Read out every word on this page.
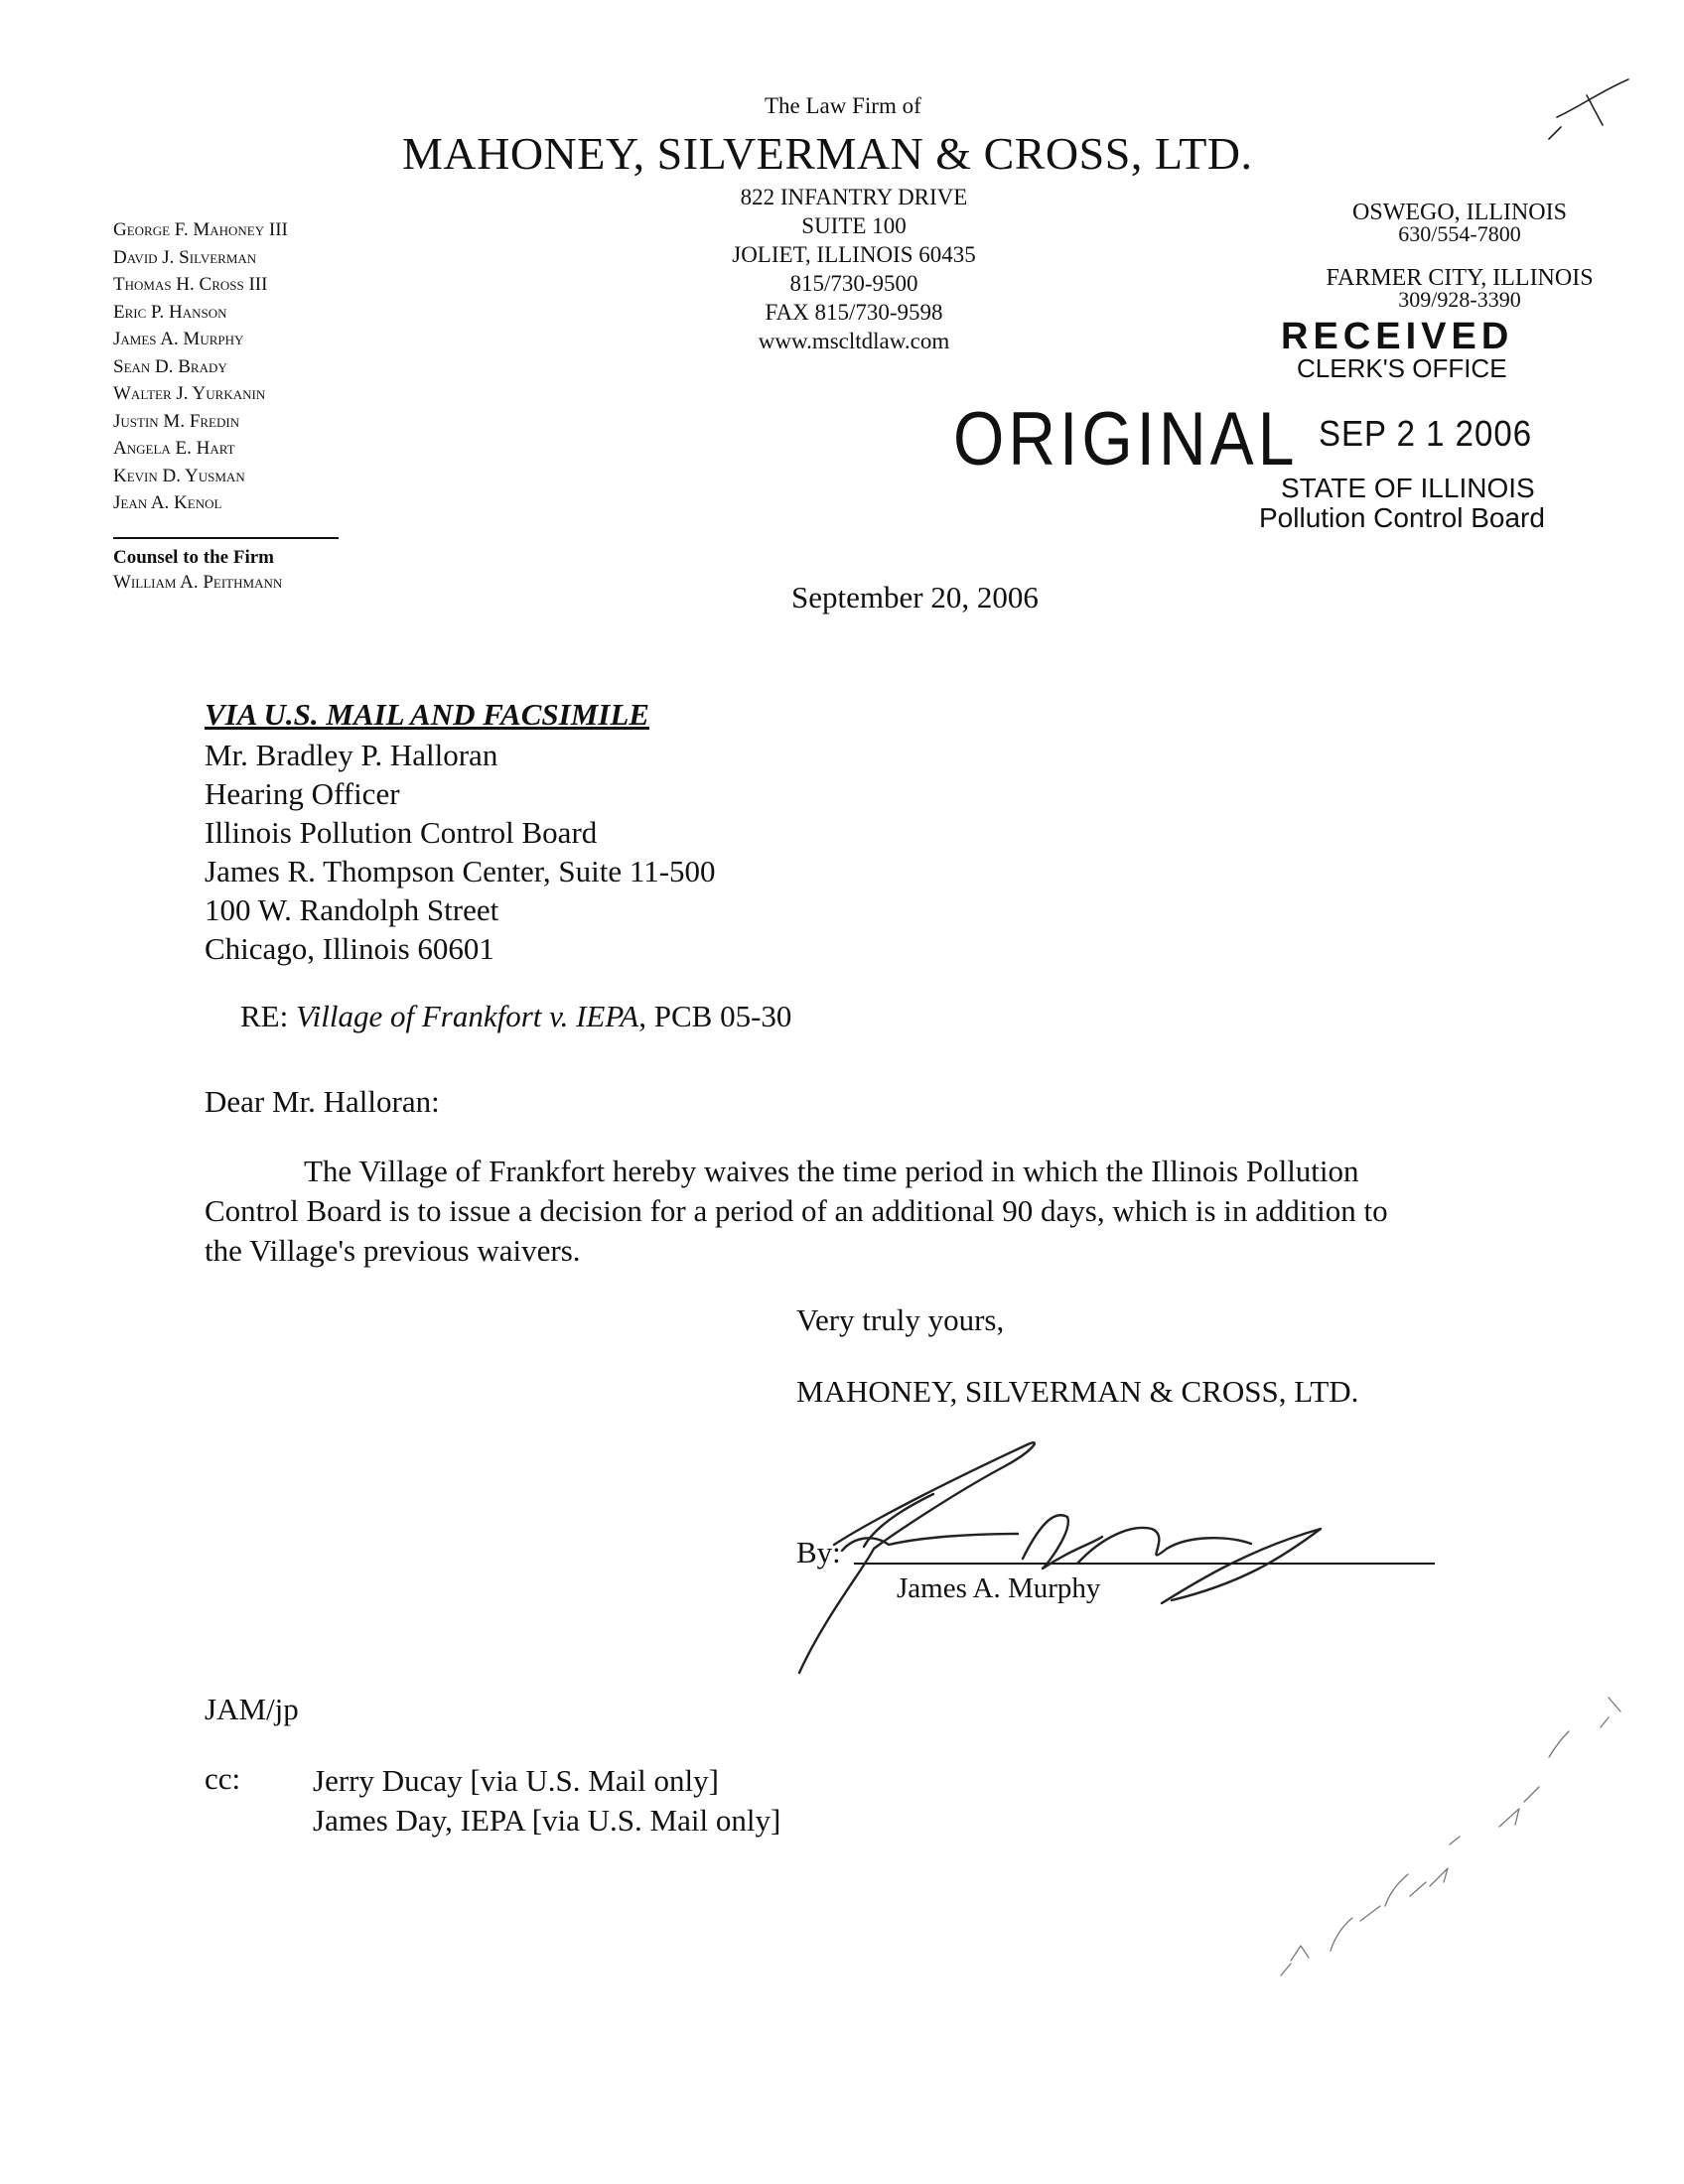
The Law Firm of
MAHONEY, SILVERMAN & CROSS, LTD.
822 INFANTRY DRIVE
SUITE 100
JOLIET, ILLINOIS 60435
815/730-9500
FAX 815/730-9598
www.mscltdlaw.com
George F. Mahoney III
David J. Silverman
Thomas H. Cross III
Eric P. Hanson
James A. Murphy
Sean D. Brady
Walter J. Yurkanin
Justin M. Fredin
Angela E. Hart
Kevin D. Yusman
Jean A. Kenol
Counsel to the Firm
William A. Peithmann
OSWEGO, ILLINOIS
630/554-7800
FARMER CITY, ILLINOIS
309/928-3390
RECEIVED
CLERK'S OFFICE
ORIGINAL SEP 2 1 2006
STATE OF ILLINOIS
Pollution Control Board
September 20, 2006
VIA U.S. MAIL AND FACSIMILE
Mr. Bradley P. Halloran
Hearing Officer
Illinois Pollution Control Board
James R. Thompson Center, Suite 11-500
100 W. Randolph Street
Chicago, Illinois 60601
RE: Village of Frankfort v. IEPA, PCB 05-30
Dear Mr. Halloran:
The Village of Frankfort hereby waives the time period in which the Illinois Pollution
Control Board is to issue a decision for a period of an additional 90 days, which is in addition to
the Village's previous waivers.
Very truly yours,
MAHONEY, SILVERMAN & CROSS, LTD.
By:
James A. Murphy
JAM/jp
cc: Jerry Ducay [via U.S. Mail only]
James Day, IEPA [via U.S. Mail only]
